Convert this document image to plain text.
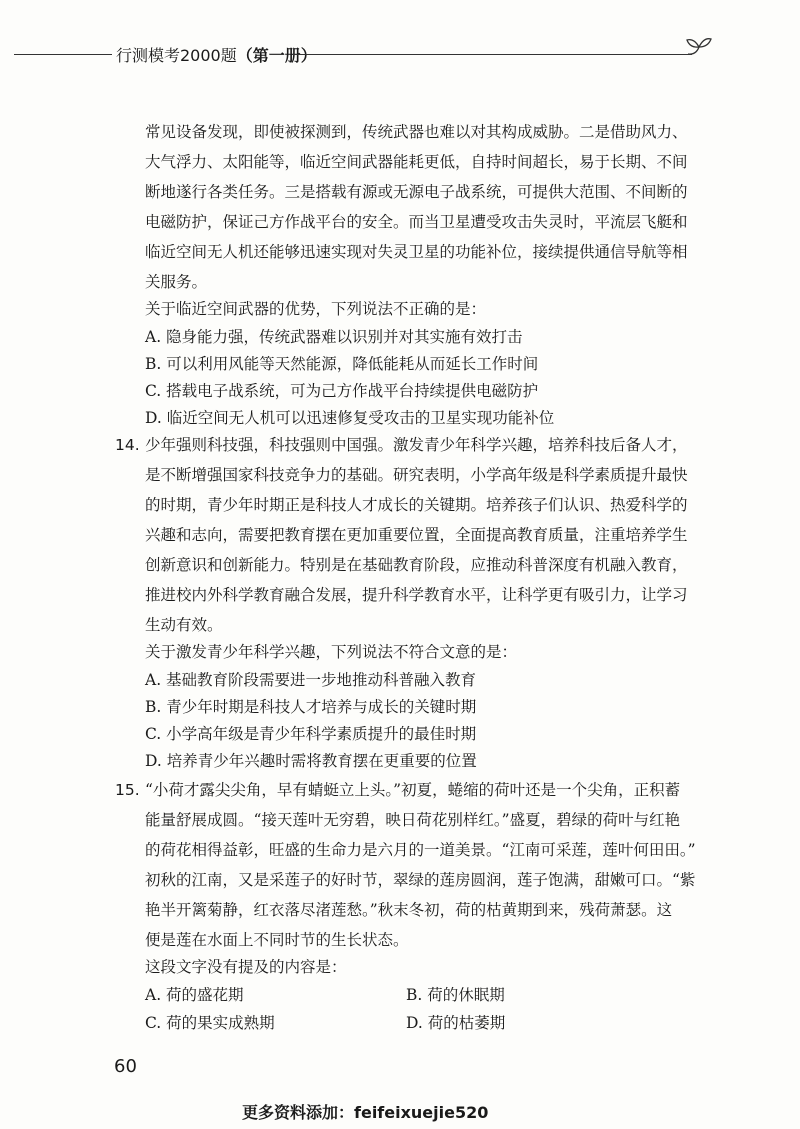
行测模考2000题（第一册）
常见设备发现，即使被探测到，传统武器也难以对其构成威胁。二是借助风力、
大气浮力、太阳能等，临近空间武器能耗更低，自持时间超长，易于长期、不间
断地遂行各类任务。三是搭载有源或无源电子战系统，可提供大范围、不间断的
电磁防护，保证己方作战平台的安全。而当卫星遭受攻击失灵时，平流层飞艇和
临近空间无人机还能够迅速实现对失灵卫星的功能补位，接续提供通信导航等相
关服务。
关于临近空间武器的优势，下列说法不正确的是：
A. 隐身能力强，传统武器难以识别并对其实施有效打击
B. 可以利用风能等天然能源，降低能耗从而延长工作时间
C. 搭载电子战系统，可为己方作战平台持续提供电磁防护
D. 临近空间无人机可以迅速修复受攻击的卫星实现功能补位
14. 少年强则科技强，科技强则中国强。激发青少年科学兴趣，培养科技后备人才，
是不断增强国家科技竞争力的基础。研究表明，小学高年级是科学素质提升最快
的时期，青少年时期正是科技人才成长的关键期。培养孩子们认识、热爱科学的
兴趣和志向，需要把教育摆在更加重要位置，全面提高教育质量，注重培养学生
创新意识和创新能力。特别是在基础教育阶段，应推动科普深度有机融入教育，
推进校内外科学教育融合发展，提升科学教育水平，让科学更有吸引力，让学习
生动有效。
关于激发青少年科学兴趣，下列说法不符合文意的是：
A. 基础教育阶段需要进一步地推动科普融入教育
B. 青少年时期是科技人才培养与成长的关键时期
C. 小学高年级是青少年科学素质提升的最佳时期
D. 培养青少年兴趣时需将教育摆在更重要的位置
15. “小荷才露尖尖角，早有蜻蜓立上头。”初夏，蜷缩的荷叶还是一个尖角，正积蓄
能量舒展成圆。“接天莲叶无穷碧，映日荷花别样红。”盛夏，碧绿的荷叶与红艳
的荷花相得益彰，旺盛的生命力是六月的一道美景。“江南可采莲，莲叶何田田。”
初秋的江南，又是采莲子的好时节，翠绿的莲房圆润，莲子饱满，甜嫩可口。“紫
艳半开篱菊静，红衣落尽渚莲愁。”秋末冬初，荷的枯黄期到来，残荷萧瑟。这
便是莲在水面上不同时节的生长状态。
这段文字没有提及的内容是：
A. 荷的盛花期	B. 荷的休眠期
C. 荷的果实成熟期	D. 荷的枯萎期
60
更多资料添加：feifeixuejie520
